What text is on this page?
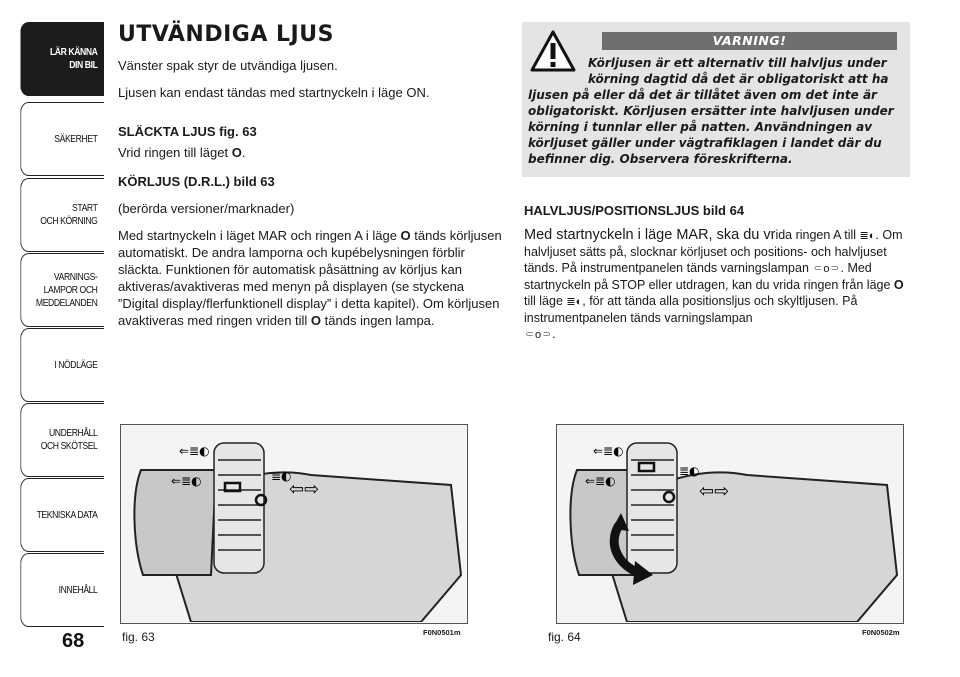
LÄR KÄNNA
DIN BIL
SÄKERHET
START
OCH KÖRNING
VARNINGS-
LAMPOR OCH
MEDDELANDEN
I NÖDLÄGE
UNDERHÅLL
OCH SKÖTSEL
TEKNISKA DATA
INNEHÅLL
68
UTVÄNDIGA LJUS

Vänster spak styr de utvändiga ljusen.

Ljusen kan endast tändas med startnyckeln i läge ON.

SLÄCKTA LJUS fig. 63

Vrid ringen till läget O.

KÖRLJUS (D.R.L.) bild 63

(berörda versioner/marknader)

Med startnyckeln i läget MAR och ringen A i läge O tänds körljusen automatiskt. De andra lamporna och kupébelysningen förblir släckta. Funktionen för automatisk påsättning av körljus kan aktiveras/avaktiveras med menyn på displayen (se styckena ”Digital display/flerfunktionell display” i detta kapitel). Om körljusen avaktiveras med ringen vriden till O tänds ingen lampa.

VARNING!
Körljusen är ett alternativ till halvljus under körning dagtid då det är obligatoriskt att ha
ljusen på eller då det är tillåtet även om det inte är obligatoriskt. Körljusen ersätter inte halvljusen under körning i tunnlar eller på natten. Användningen av körljuset gäller under vägtrafiklagen i landet där du befinner dig. Observera föreskrifterna.
HALVLJUS/POSITIONSLJUS bild 64
Med startnyckeln i läge MAR, ska du vrida ringen A till ≣◐. Om halvljuset sätts på, slocknar körljuset och positions- och halvljuset tänds. På instrumentpanelen tänds varningslampan ⸦o⸧. Med startnyckeln på STOP eller utdragen, kan du vrida ringen från läge O till läge ≣◐, för att tända alla positionsljus och skyltljusen. På instrumentpanelen tänds varningslampan
⸦o⸧.
⇐≣◐
⇐≣◐	≣◐
⇦⇨
fig. 63	F0N0501m
⇐≣◐
⇐≣◐
≣◐
⇦⇨
fig. 64	F0N0502m
